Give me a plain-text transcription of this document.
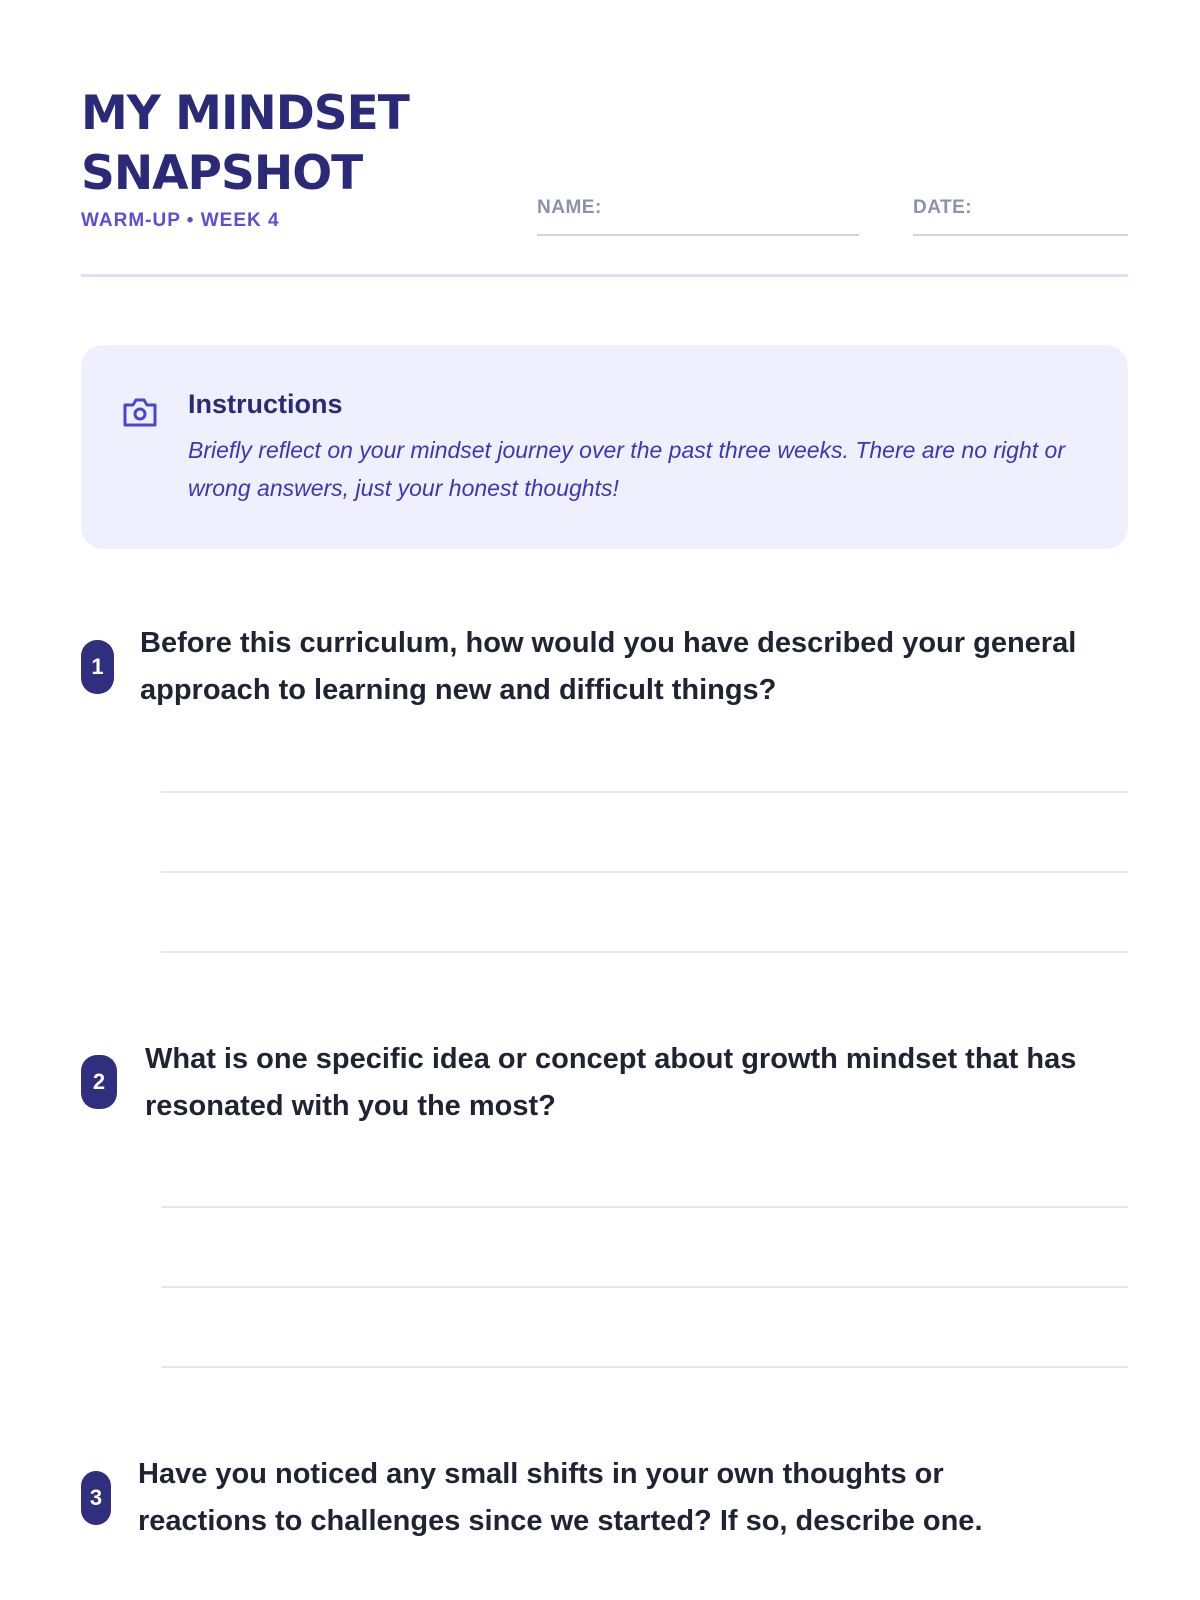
MY MINDSET SNAPSHOT
WARM-UP • WEEK 4
NAME:	DATE:
Instructions
Briefly reflect on your mindset journey over the past three weeks. There are no right or wrong answers, just your honest thoughts!
1
Before this curriculum, how would you have described your general approach to learning new and difficult things?
2
What is one specific idea or concept about growth mindset that has resonated with you the most?
3
Have you noticed any small shifts in your own thoughts or reactions to challenges since we started? If so, describe one.
